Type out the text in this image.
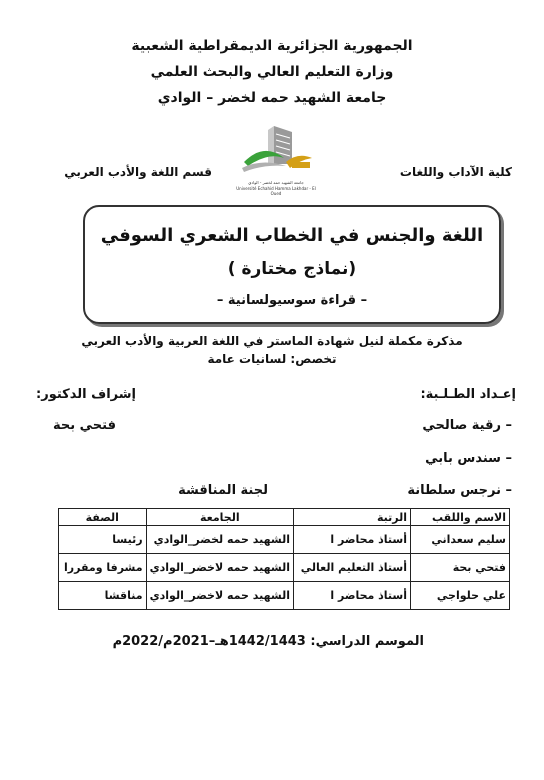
الجمهورية الجزائرية الديمقراطية الشعبية
وزارة التعليم العالي والبحث العلمي
جامعة الشهيد حمه لخضر – الوادي
جامعة الشهيد حمه لخضر - الوادي
Université Echahid Hamma Lakhdar - El Oued
كلية الآداب واللغات
قسم اللغة والأدب العربي
اللغة والجنس في الخطاب الشعري السوفي
(نماذج مختارة )
– قراءة سوسيولسانية –
مذكرة مكملة لنيل شهادة الماستر في اللغة العربية والأدب العربي
تخصص: لسانيات عامة
إعـداد الطـلـبة:
إشراف الدكتور:
– رقية صالحي
فتحي بحة
– سندس بابي
– نرجس سلطانة
لجنة المناقشة
الاسم واللقب	الرتبة	الجامعة	الصفة
سليم سعداني	أستاذ محاضر ا	الشهيد حمه لخضر_الوادي	رئيسا
فتحي بحة	أستاذ التعليم العالي	الشهيد حمه لاخضر_الوادي	مشرفا ومقررا
علي حلواجي	أستاذ محاضر ا	الشهيد حمه لاخضر_الوادي	مناقشا
الموسم الدراسي: 1442/1443هـ–2021م/2022م
